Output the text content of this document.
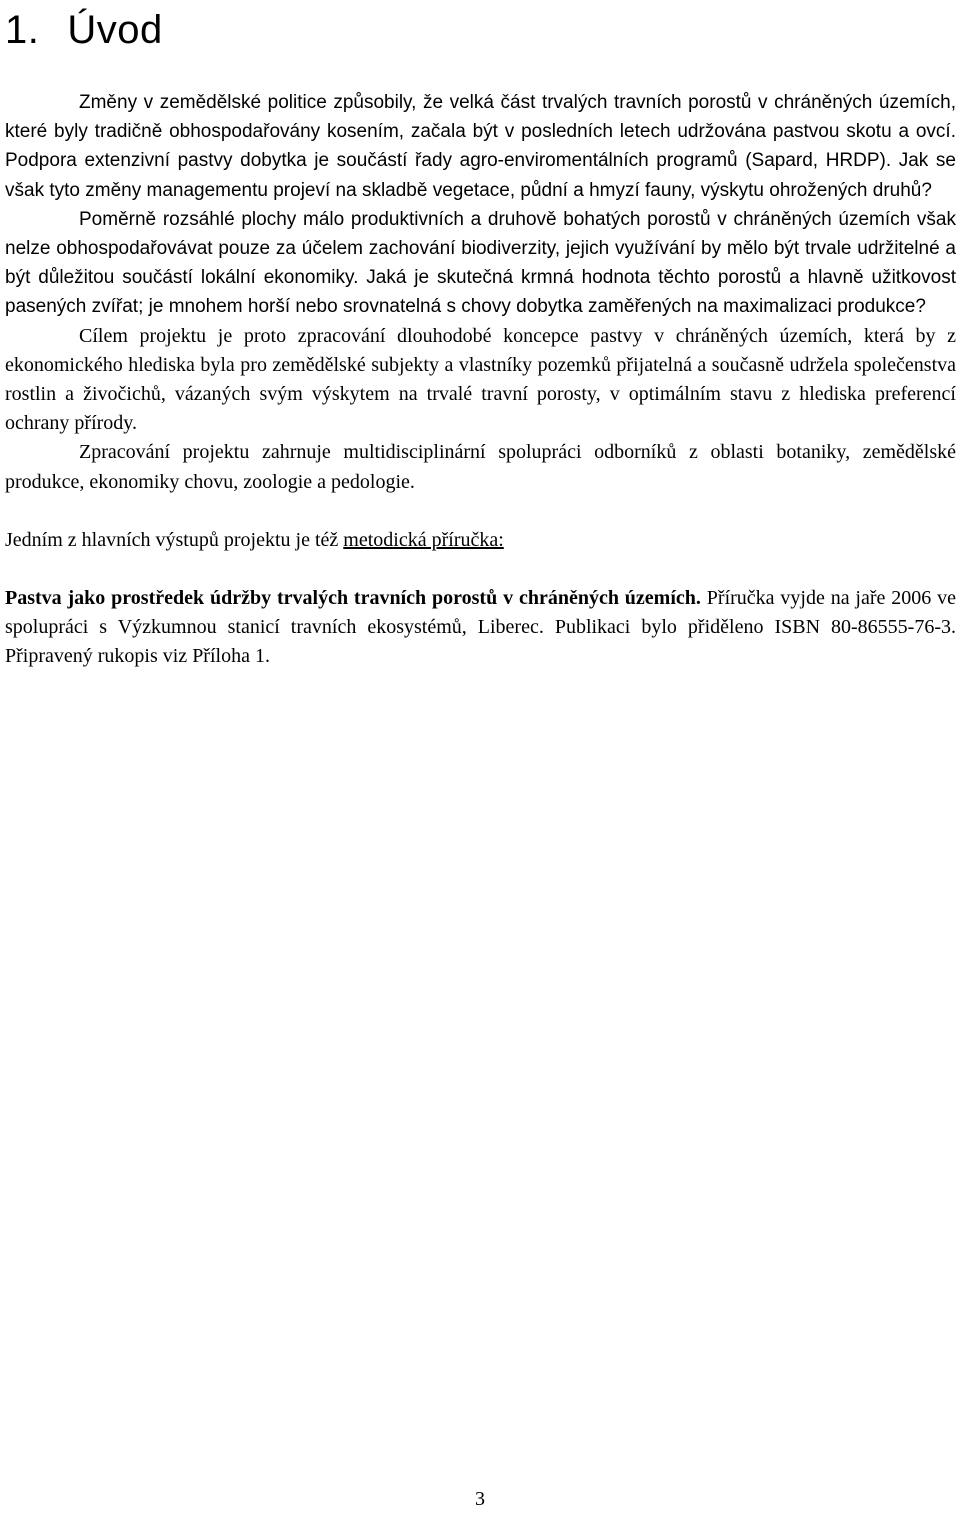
1. Úvod

Změny v zemědělské politice způsobily, že velká část trvalých travních porostů v chráněných územích, které byly tradičně obhospodařovány kosením, začala být v posledních letech udržována pastvou skotu a ovcí. Podpora extenzivní pastvy dobytka je součástí řady agro-enviromentálních programů (Sapard, HRDP). Jak se však tyto změny managementu projeví na skladbě vegetace, půdní a hmyzí fauny, výskytu ohrožených druhů?

Poměrně rozsáhlé plochy málo produktivních a druhově bohatých porostů v chráněných územích však nelze obhospodařovávat pouze za účelem zachování biodiverzity, jejich využívání by mělo být trvale udržitelné a být důležitou součástí lokální ekonomiky. Jaká je skutečná krmná hodnota těchto porostů a hlavně užitkovost pasených zvířat; je mnohem horší nebo srovnatelná s chovy dobytka zaměřených na maximalizaci produkce?

Cílem projektu je proto zpracování dlouhodobé koncepce pastvy v chráněných územích, která by z ekonomického hlediska byla pro zemědělské subjekty a vlastníky pozemků přijatelná a současně udržela společenstva rostlin a živočichů, vázaných svým výskytem na trvalé travní porosty, v optimálním stavu z hlediska preferencí ochrany přírody.

Zpracování projektu zahrnuje multidisciplinární spolupráci odborníků z oblasti botaniky, zemědělské produkce, ekonomiky chovu, zoologie a pedologie.

Jedním z hlavních výstupů projektu je též metodická příručka:

Pastva jako prostředek údržby trvalých travních porostů v chráněných územích. Příručka vyjde na jaře 2006 ve spolupráci s Výzkumnou stanicí travních ekosystémů, Liberec. Publikaci bylo přiděleno ISBN 80-86555-76-3. Připravený rukopis viz Příloha 1.

3
